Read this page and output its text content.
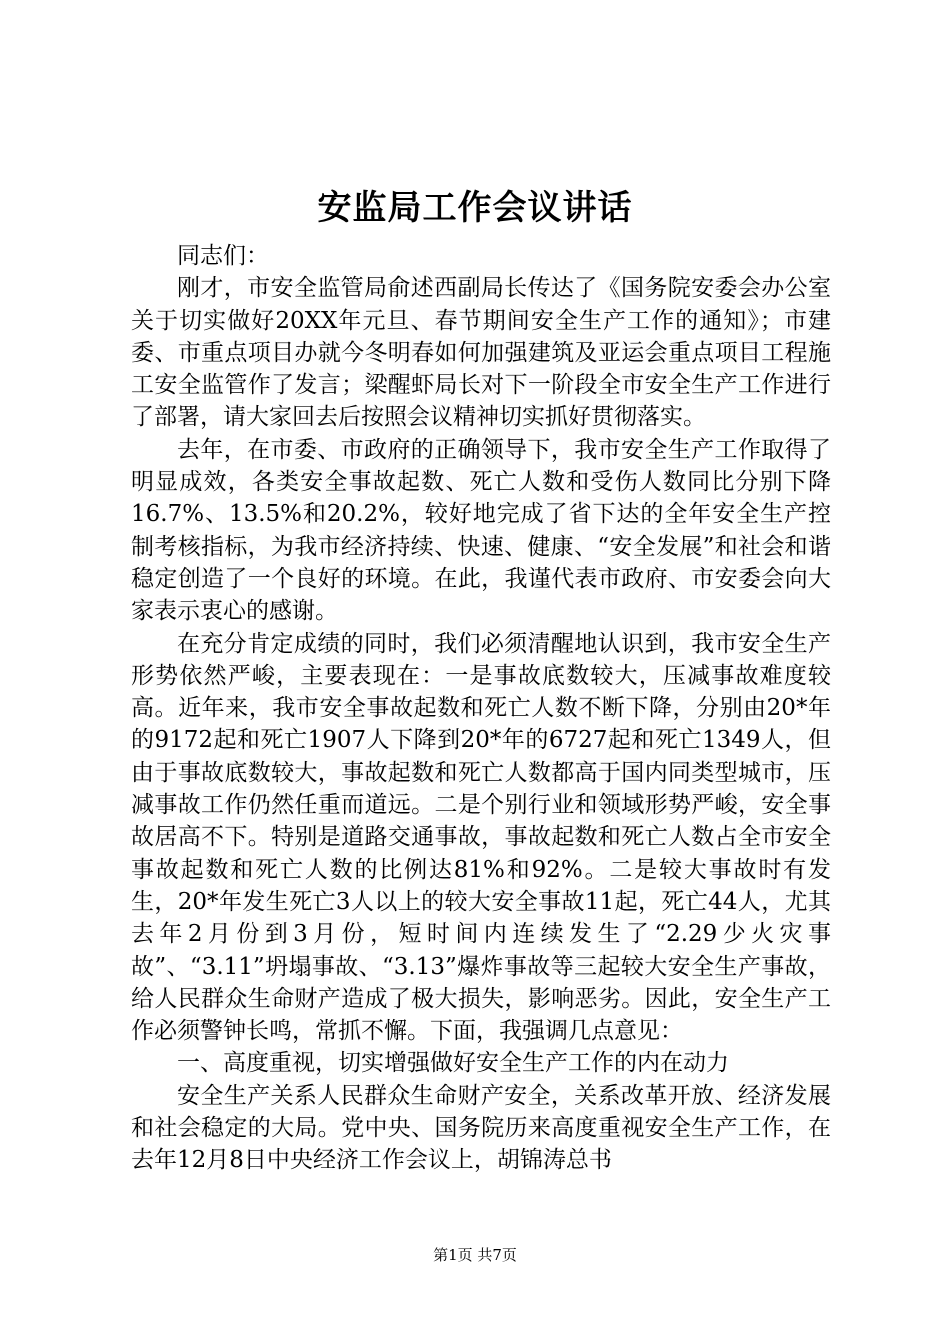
安监局工作会议讲话

同志们：

刚才，市安全监管局俞述西副局长传达了《国务院安委会办公室关于切实做好20XX年元旦、春节期间安全生产工作的通知》；市建委、市重点项目办就今冬明春如何加强建筑及亚运会重点项目工程施工安全监管作了发言；梁醒虾局长对下一阶段全市安全生产工作进行了部署，请大家回去后按照会议精神切实抓好贯彻落实。

去年，在市委、市政府的正确领导下，我市安全生产工作取得了明显成效，各类安全事故起数、死亡人数和受伤人数同比分别下降16.7%、13.5%和20.2%，较好地完成了省下达的全年安全生产控制考核指标，为我市经济持续、快速、健康、“安全发展”和社会和谐稳定创造了一个良好的环境。在此，我谨代表市政府、市安委会向大家表示衷心的感谢。

在充分肯定成绩的同时，我们必须清醒地认识到，我市安全生产形势依然严峻，主要表现在：一是事故底数较大，压减事故难度较高。近年来，我市安全事故起数和死亡人数不断下降，分别由20*年的9172起和死亡1907人下降到20*年的6727起和死亡1349人，但由于事故底数较大，事故起数和死亡人数都高于国内同类型城市，压减事故工作仍然任重而道远。二是个别行业和领域形势严峻，安全事故居高不下。特别是道路交通事故，事故起数和死亡人数占全市安全事故起数和死亡人数的比例达81%和92%。二是较大事故时有发生，20*年发生死亡3人以上的较大安全事故11起，死亡44人，尤其去年2月份到3月份，短时间内连续发生了“2.29少火灾事故”、“3.11”坍塌事故、“3.13”爆炸事故等三起较大安全生产事故，给人民群众生命财产造成了极大损失，影响恶劣。因此，安全生产工作必须警钟长鸣，常抓不懈。下面，我强调几点意见：

一、高度重视，切实增强做好安全生产工作的内在动力

安全生产关系人民群众生命财产安全，关系改革开放、经济发展和社会稳定的大局。党中央、国务院历来高度重视安全生产工作，在去年12月8日中央经济工作会议上，胡锦涛总书

第1页 共7页
